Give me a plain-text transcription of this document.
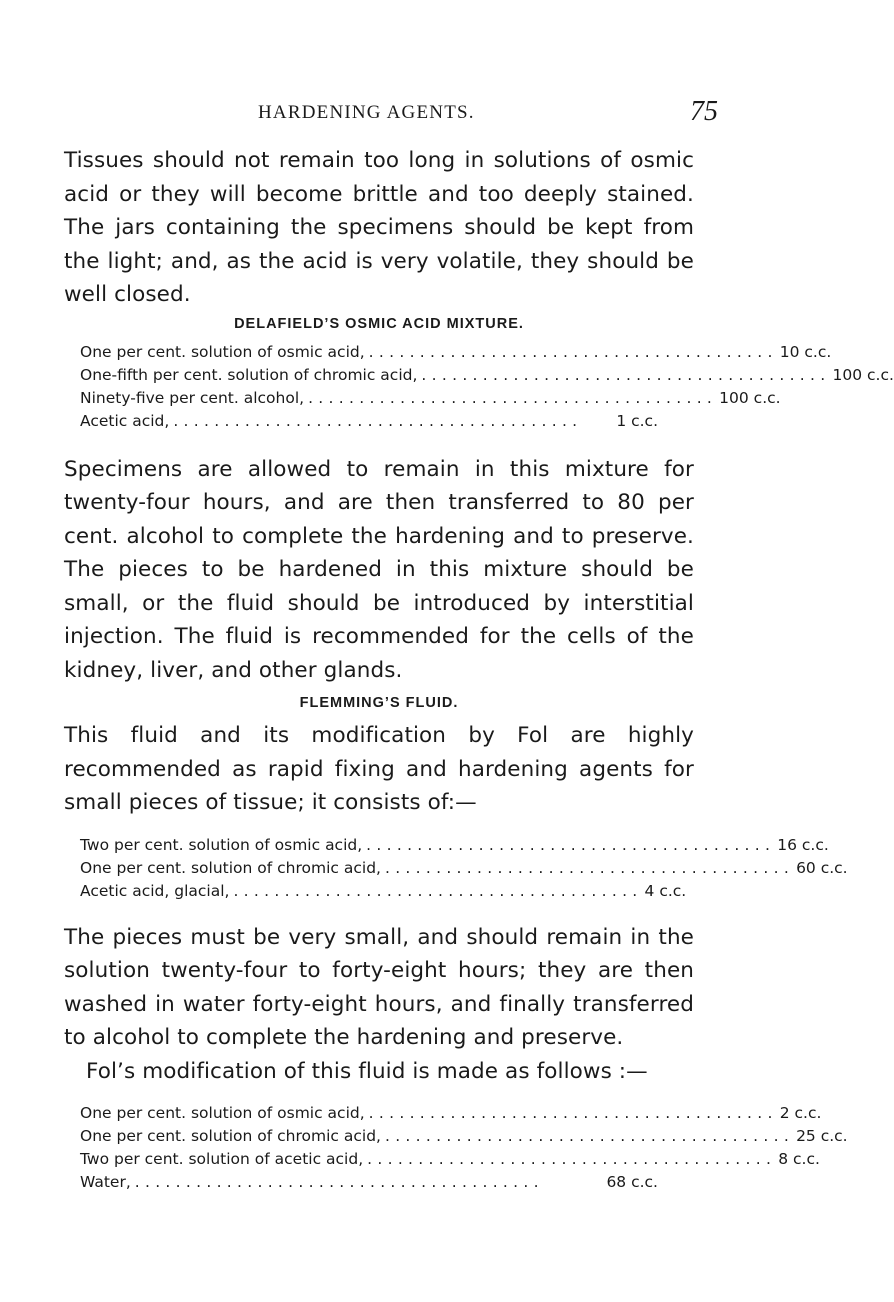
HARDENING AGENTS.	75

Tissues should not remain too long in solutions of osmic acid or they will become brittle and too deeply stained. The jars containing the specimens should be kept from the light; and, as the acid is very volatile, they should be well closed.

DELAFIELD’S OSMIC ACID MIXTURE.

One per cent. solution of osmic acid, ........................................ 10 c.c.
One-fifth per cent. solution of chromic acid, ........................................ 100 c.c.
Ninety-five per cent. alcohol, ........................................ 100 c.c.
Acetic acid, ........................................	1 c.c.

Specimens are allowed to remain in this mixture for twenty-four hours, and are then transferred to 80 per cent. alcohol to complete the hardening and to preserve. The pieces to be hardened in this mixture should be small, or the fluid should be introduced by interstitial injection. The fluid is recommended for the cells of the kidney, liver, and other glands.

FLEMMING’S FLUID.

This fluid and its modification by Fol are highly recommended as rapid fixing and hardening agents for small pieces of tissue; it consists of:—

Two per cent. solution of osmic acid, ........................................ 16 c.c.
One per cent. solution of chromic acid, ........................................ 60 c.c.
Acetic acid, glacial, ........................................ 4 c.c.

The pieces must be very small, and should remain in the solution twenty-four to forty-eight hours; they are then washed in water forty-eight hours, and finally transferred to alcohol to complete the hardening and preserve.

Fol’s modification of this fluid is made as follows :—

One per cent. solution of osmic acid, ........................................ 2 c.c.
One per cent. solution of chromic acid, ........................................ 25 c.c.
Two per cent. solution of acetic acid, ........................................ 8 c.c.
Water, ........................................	68 c.c.
